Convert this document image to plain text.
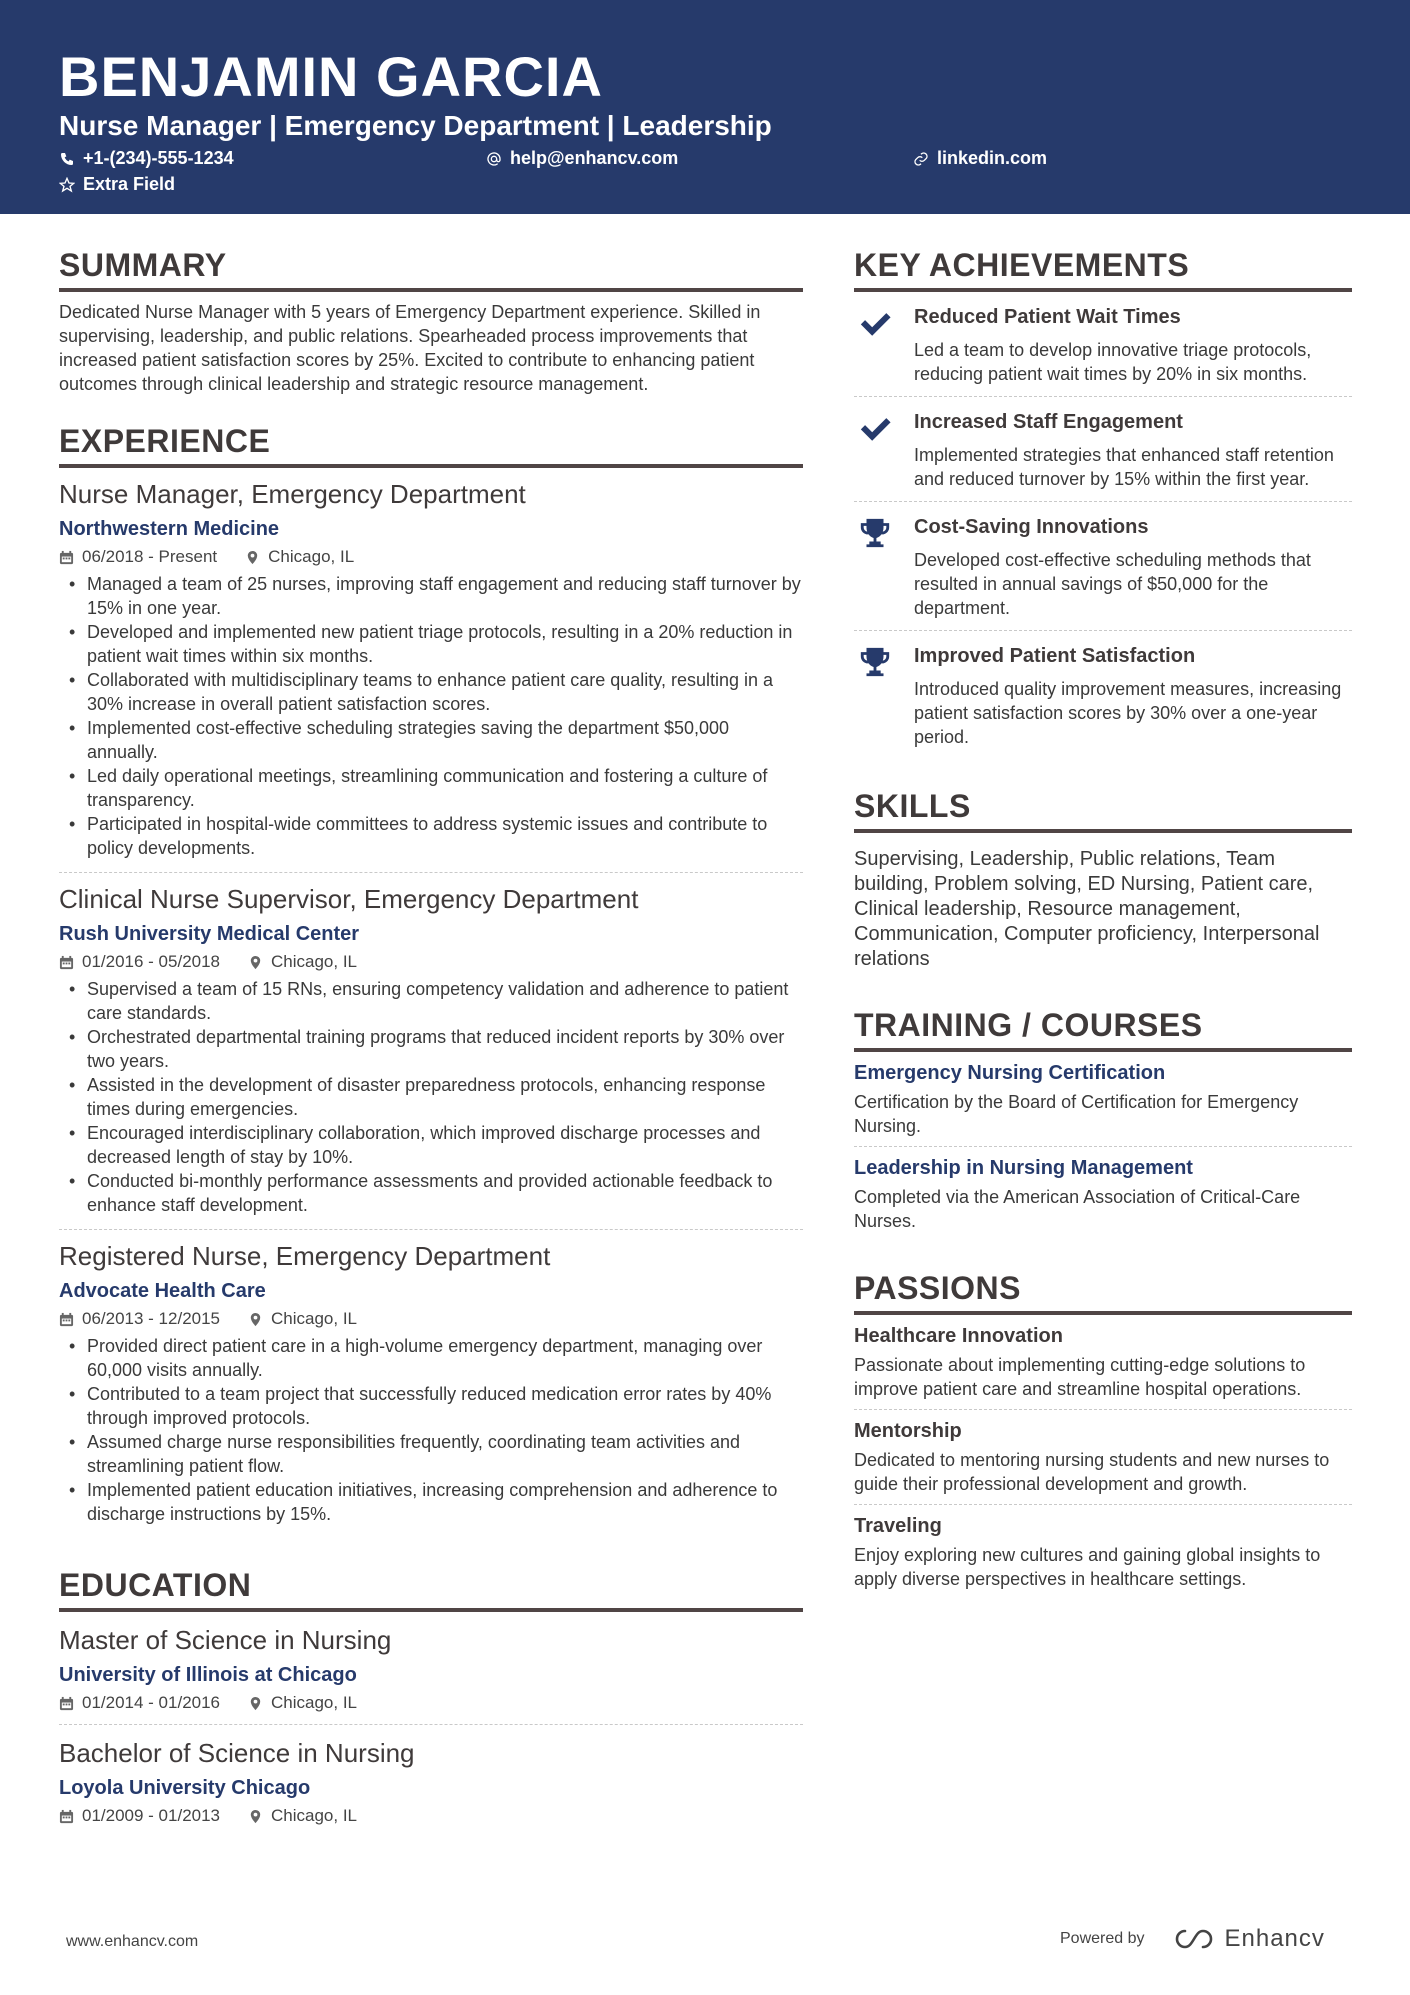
BENJAMIN GARCIA
Nurse Manager | Emergency Department | Leadership
+1-(234)-555-1234	help@enhancv.com	linkedin.com
Extra Field
SUMMARY
Dedicated Nurse Manager with 5 years of Emergency Department experience. Skilled in supervising, leadership, and public relations. Spearheaded process improvements that increased patient satisfaction scores by 25%. Excited to contribute to enhancing patient outcomes through clinical leadership and strategic resource management.
EXPERIENCE
Nurse Manager, Emergency Department
Northwestern Medicine
06/2018 - Present	Chicago, IL
• Managed a team of 25 nurses, improving staff engagement and reducing staff turnover by 15% in one year.
• Developed and implemented new patient triage protocols, resulting in a 20% reduction in patient wait times within six months.
• Collaborated with multidisciplinary teams to enhance patient care quality, resulting in a 30% increase in overall patient satisfaction scores.
• Implemented cost-effective scheduling strategies saving the department $50,000 annually.
• Led daily operational meetings, streamlining communication and fostering a culture of transparency.
• Participated in hospital-wide committees to address systemic issues and contribute to policy developments.
Clinical Nurse Supervisor, Emergency Department
Rush University Medical Center
01/2016 - 05/2018	Chicago, IL
• Supervised a team of 15 RNs, ensuring competency validation and adherence to patient care standards.
• Orchestrated departmental training programs that reduced incident reports by 30% over two years.
• Assisted in the development of disaster preparedness protocols, enhancing response times during emergencies.
• Encouraged interdisciplinary collaboration, which improved discharge processes and decreased length of stay by 10%.
• Conducted bi-monthly performance assessments and provided actionable feedback to enhance staff development.
Registered Nurse, Emergency Department
Advocate Health Care
06/2013 - 12/2015	Chicago, IL
• Provided direct patient care in a high-volume emergency department, managing over 60,000 visits annually.
• Contributed to a team project that successfully reduced medication error rates by 40% through improved protocols.
• Assumed charge nurse responsibilities frequently, coordinating team activities and streamlining patient flow.
• Implemented patient education initiatives, increasing comprehension and adherence to discharge instructions by 15%.
EDUCATION
Master of Science in Nursing
University of Illinois at Chicago
01/2014 - 01/2016	Chicago, IL
Bachelor of Science in Nursing
Loyola University Chicago
01/2009 - 01/2013	Chicago, IL
KEY ACHIEVEMENTS
Reduced Patient Wait Times
Led a team to develop innovative triage protocols, reducing patient wait times by 20% in six months.
Increased Staff Engagement
Implemented strategies that enhanced staff retention and reduced turnover by 15% within the first year.
Cost-Saving Innovations
Developed cost-effective scheduling methods that resulted in annual savings of $50,000 for the department.
Improved Patient Satisfaction
Introduced quality improvement measures, increasing patient satisfaction scores by 30% over a one-year period.
SKILLS
Supervising, Leadership, Public relations, Team building, Problem solving, ED Nursing, Patient care, Clinical leadership, Resource management, Communication, Computer proficiency, Interpersonal relations
TRAINING / COURSES
Emergency Nursing Certification
Certification by the Board of Certification for Emergency Nursing.
Leadership in Nursing Management
Completed via the American Association of Critical-Care Nurses.
PASSIONS
Healthcare Innovation
Passionate about implementing cutting-edge solutions to improve patient care and streamline hospital operations.
Mentorship
Dedicated to mentoring nursing students and new nurses to guide their professional development and growth.
Traveling
Enjoy exploring new cultures and gaining global insights to apply diverse perspectives in healthcare settings.
www.enhancv.com	Powered by	Enhancv
